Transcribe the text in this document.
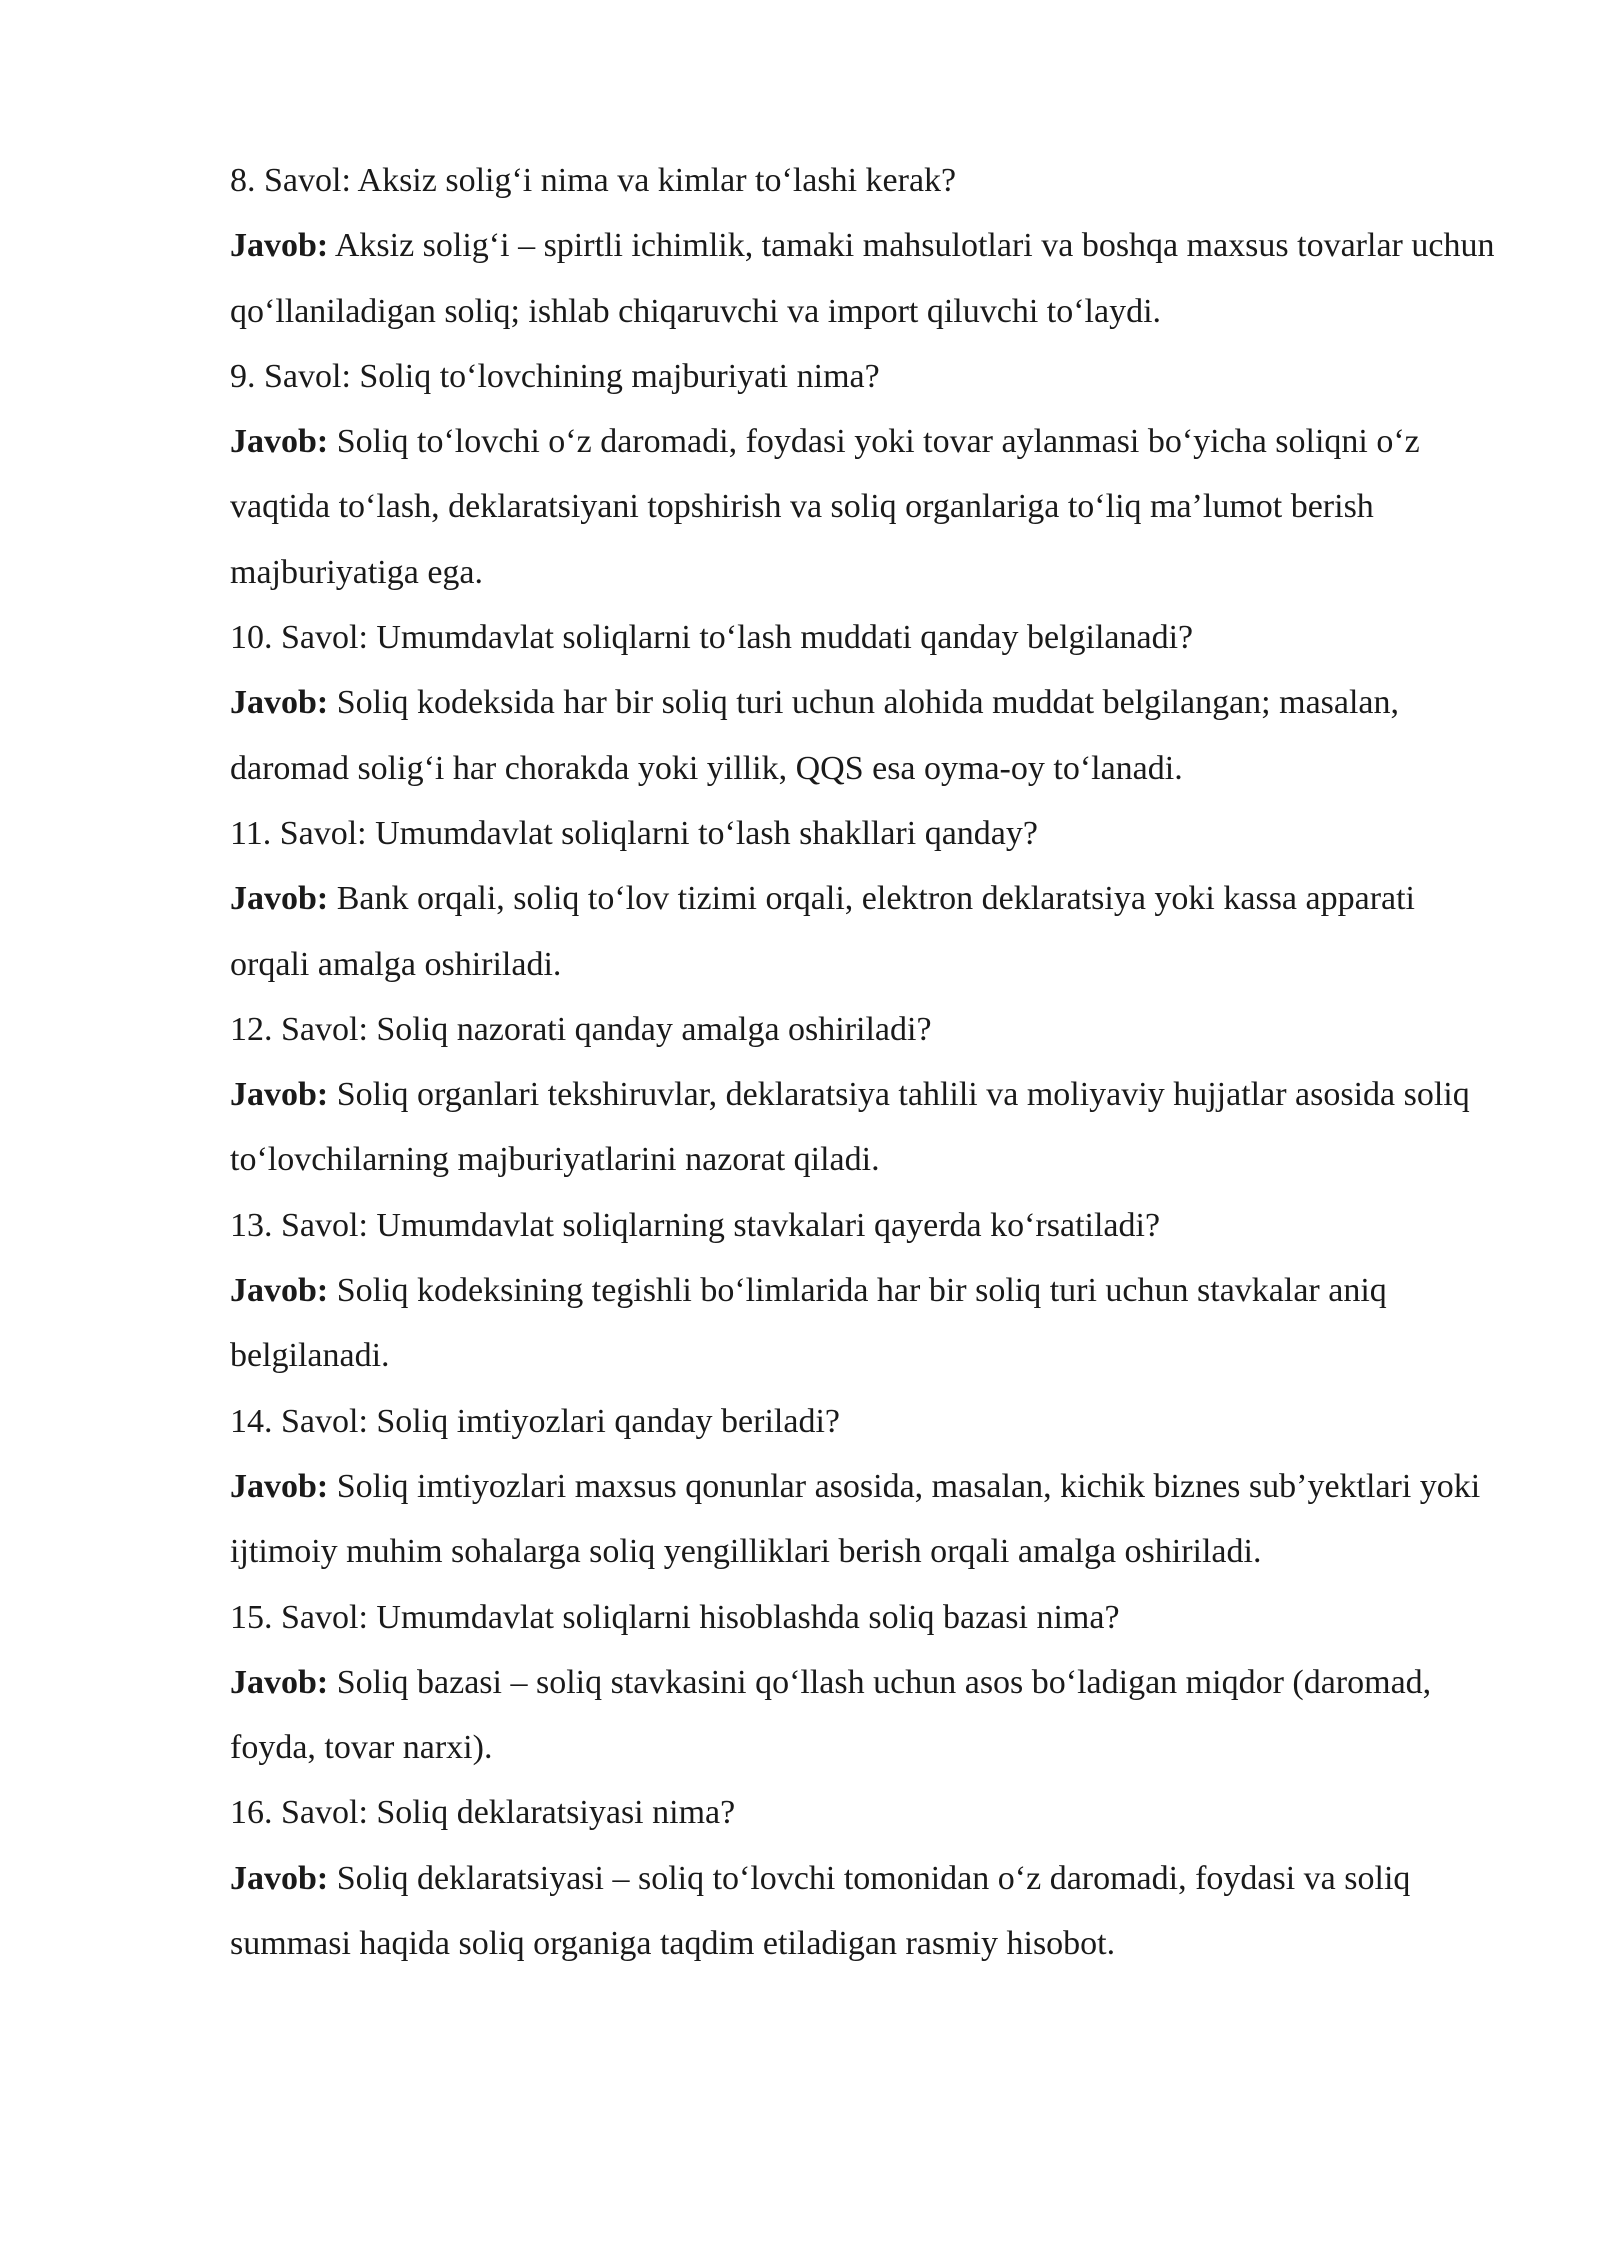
8. Savol: Aksiz solig‘i nima va kimlar to‘lashi kerak?

Javob: Aksiz solig‘i – spirtli ichimlik, tamaki mahsulotlari va boshqa maxsus tovarlar uchun qo‘llaniladigan soliq; ishlab chiqaruvchi va import qiluvchi to‘laydi.

9. Savol: Soliq to‘lovchining majburiyati nima?

Javob: Soliq to‘lovchi o‘z daromadi, foydasi yoki tovar aylanmasi bo‘yicha soliqni o‘z vaqtida to‘lash, deklaratsiyani topshirish va soliq organlariga to‘liq ma’lumot berish majburiyatiga ega.

10. Savol: Umumdavlat soliqlarni to‘lash muddati qanday belgilanadi?

Javob: Soliq kodeksida har bir soliq turi uchun alohida muddat belgilangan; masalan, daromad solig‘i har chorakda yoki yillik, QQS esa oyma-oy to‘lanadi.

11. Savol: Umumdavlat soliqlarni to‘lash shakllari qanday?

Javob: Bank orqali, soliq to‘lov tizimi orqali, elektron deklaratsiya yoki kassa apparati orqali amalga oshiriladi.

12. Savol: Soliq nazorati qanday amalga oshiriladi?

Javob: Soliq organlari tekshiruvlar, deklaratsiya tahlili va moliyaviy hujjatlar asosida soliq to‘lovchilarning majburiyatlarini nazorat qiladi.

13. Savol: Umumdavlat soliqlarning stavkalari qayerda ko‘rsatiladi?

Javob: Soliq kodeksining tegishli bo‘limlarida har bir soliq turi uchun stavkalar aniq belgilanadi.

14. Savol: Soliq imtiyozlari qanday beriladi?

Javob: Soliq imtiyozlari maxsus qonunlar asosida, masalan, kichik biznes sub’yektlari yoki ijtimoiy muhim sohalarga soliq yengilliklari berish orqali amalga oshiriladi.

15. Savol: Umumdavlat soliqlarni hisoblashda soliq bazasi nima?

Javob: Soliq bazasi – soliq stavkasini qo‘llash uchun asos bo‘ladigan miqdor (daromad, foyda, tovar narxi).

16. Savol: Soliq deklaratsiyasi nima?

Javob: Soliq deklaratsiyasi – soliq to‘lovchi tomonidan o‘z daromadi, foydasi va soliq summasi haqida soliq organiga taqdim etiladigan rasmiy hisobot.
